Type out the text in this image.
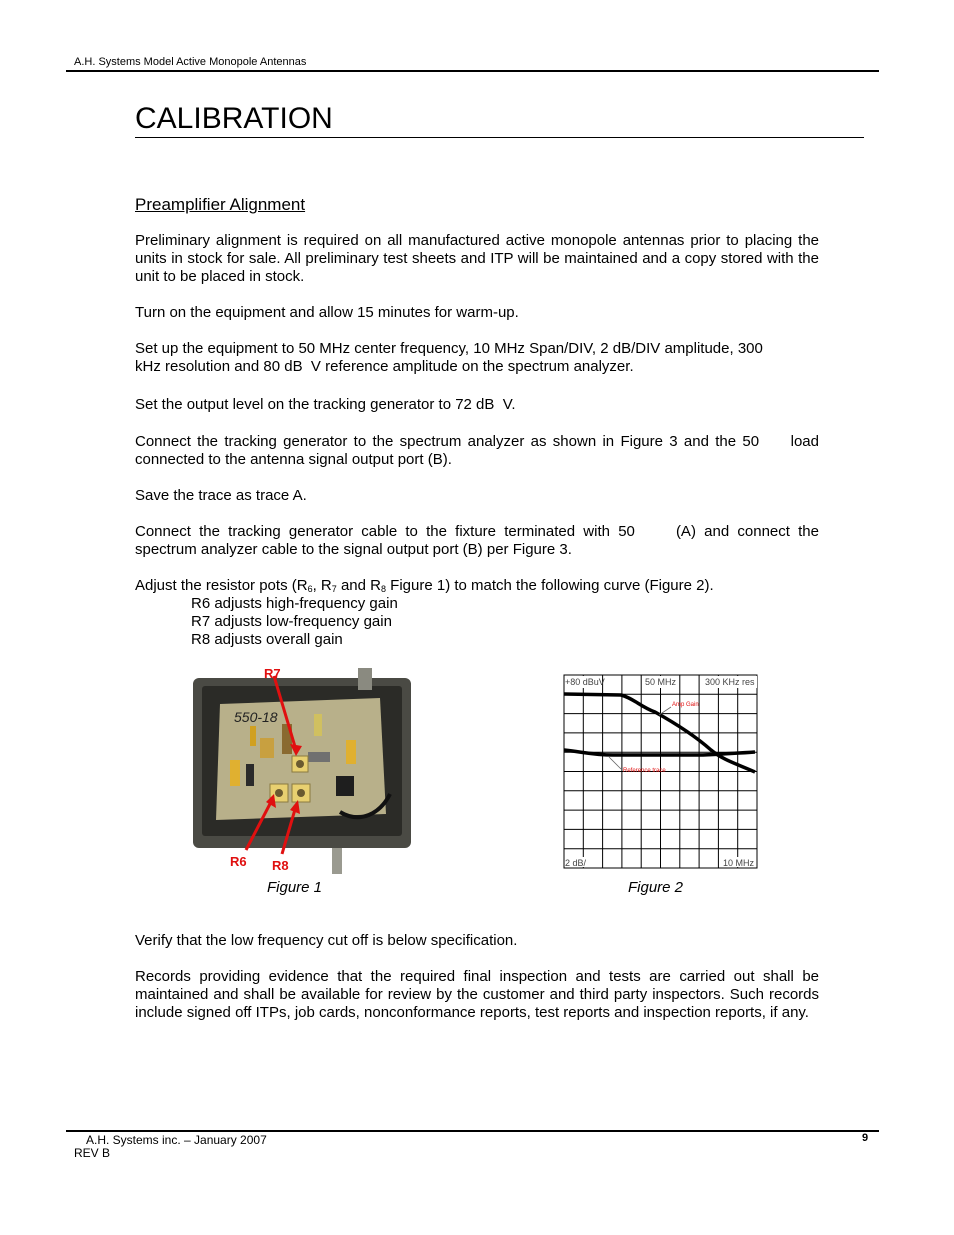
A.H. Systems Model Active Monopole Antennas
CALIBRATION
Preamplifier Alignment
Preliminary alignment is required on all manufactured active monopole antennas prior to placing the units in stock for sale. All preliminary test sheets and ITP will be maintained and a copy stored with the unit to be placed in stock.
Turn on the equipment and allow 15 minutes for warm-up.
Set up the equipment to 50 MHz center frequency, 10 MHz Span/DIV, 2 dB/DIV amplitude, 300
kHz resolution and 80 dB  V reference amplitude on the spectrum analyzer.
Set the output level on the tracking generator to 72 dB  V.
Connect the tracking generator to the spectrum analyzer as shown in Figure 3 and the 50     load
connected to the antenna signal output port (B).
Save the trace as trace A.
Connect the tracking generator cable to the fixture terminated with 50     (A) and connect the
spectrum analyzer cable to the signal output port (B) per Figure 3.
Adjust the resistor pots ($R_6$, $R_7$ and $R_8$ Figure 1) to match the following curve (Figure 2).
R6 adjusts high-frequency gain
R7 adjusts low-frequency gain
R8 adjusts overall gain
550-18
R7
R6 R8
Figure 1
+80 dBuV	50 MHz	300 KHz res
2 dB/	10 MHz
Amp Gain
Reference trace
Figure 2
Verify that the low frequency cut off is below specification.
Records providing evidence that the required final inspection and tests are carried out shall be maintained and shall be available for review by the customer and third party inspectors. Such records include signed off ITPs, job cards, nonconformance reports, test reports and inspection reports, if any.
A.H. Systems inc. – January 2007
REV B
9
